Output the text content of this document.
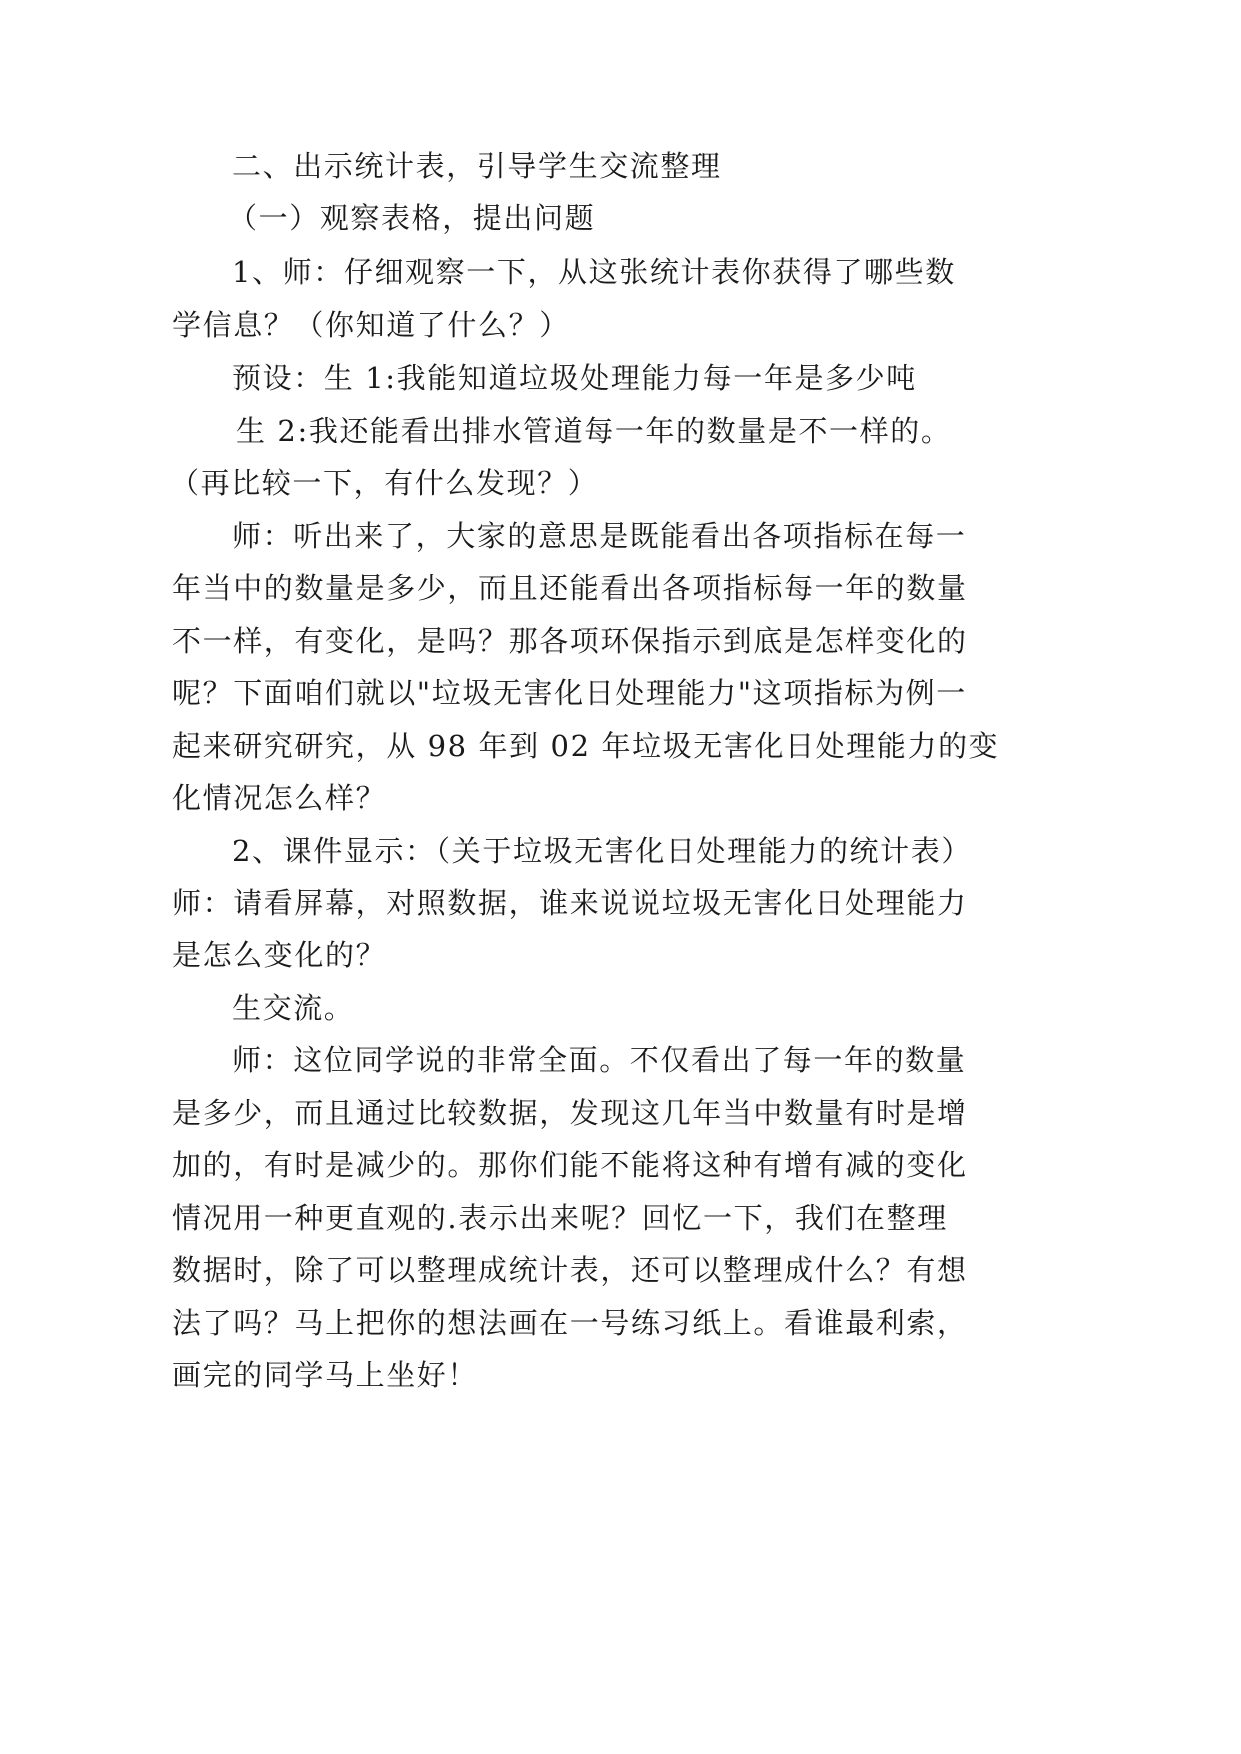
二、出示统计表，引导学生交流整理
（一）观察表格，提出问题
1、师：仔细观察一下，从这张统计表你获得了哪些数
学信息？（你知道了什么？）
预设：生 1:我能知道垃圾处理能力每一年是多少吨
生 2:我还能看出排水管道每一年的数量是不一样的。
（再比较一下，有什么发现？）
师：听出来了，大家的意思是既能看出各项指标在每一
年当中的数量是多少，而且还能看出各项指标每一年的数量
不一样，有变化，是吗？那各项环保指示到底是怎样变化的
呢？下面咱们就以"垃圾无害化日处理能力"这项指标为例一
起来研究研究，从 98 年到 02 年垃圾无害化日处理能力的变
化情况怎么样？
2、课件显示：（关于垃圾无害化日处理能力的统计表）
师：请看屏幕，对照数据，谁来说说垃圾无害化日处理能力
是怎么变化的？
生交流。
师：这位同学说的非常全面。不仅看出了每一年的数量
是多少，而且通过比较数据，发现这几年当中数量有时是增
加的，有时是减少的。那你们能不能将这种有增有减的变化
情况用一种更直观的.表示出来呢？回忆一下，我们在整理
数据时，除了可以整理成统计表，还可以整理成什么？有想
法了吗？马上把你的想法画在一号练习纸上。看谁最利索，
画完的同学马上坐好！
